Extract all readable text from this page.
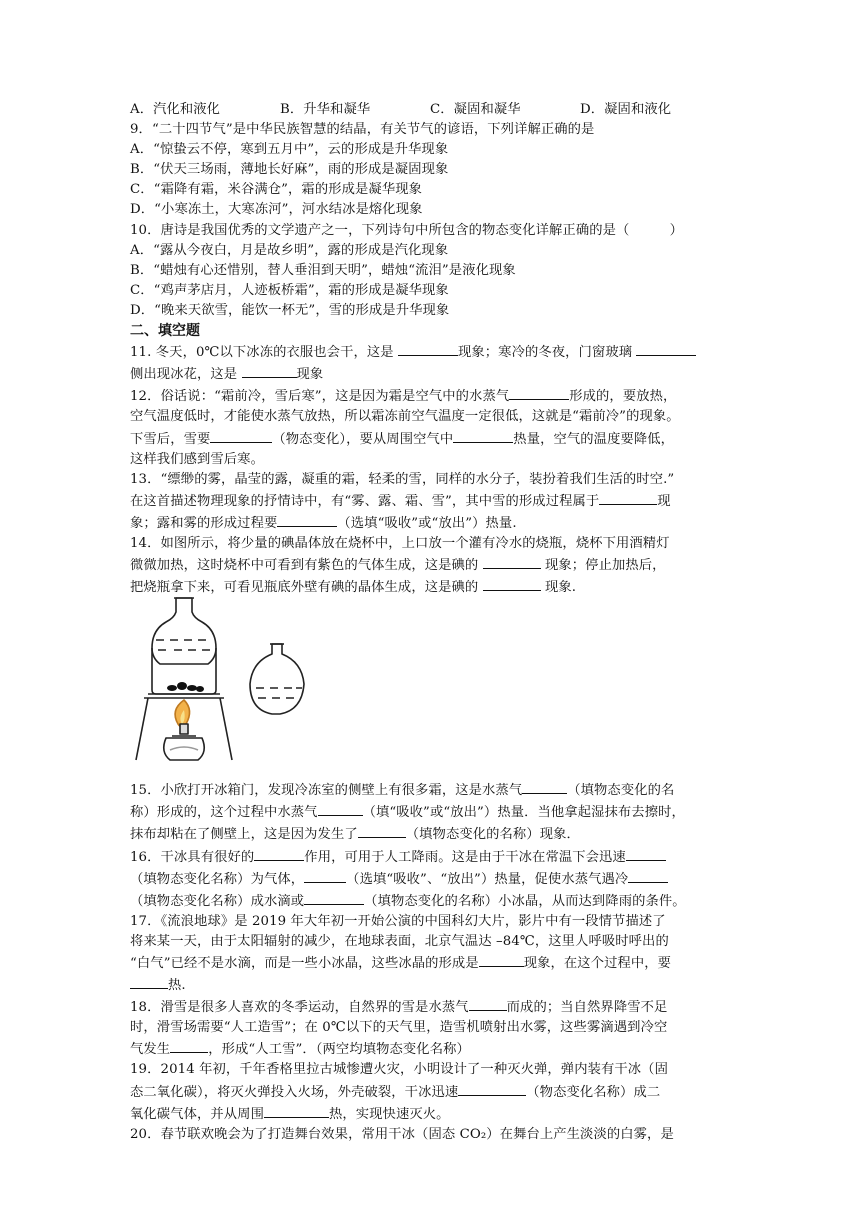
A．汽化和液化	B．升华和凝华	C．凝固和凝华	D．凝固和液化
9．“二十四节气”是中华民族智慧的结晶，有关节气的谚语，下列详解正确的是
A．“惊蛰云不停，寒到五月中”，云的形成是升华现象
B．“伏天三场雨，薄地长好麻”，雨的形成是凝固现象
C．“霜降有霜，米谷满仓”，霜的形成是凝华现象
D．“小寒冻土，大寒冻河”，河水结冰是熔化现象
10．唐诗是我国优秀的文学遗产之一，下列诗句中所包含的物态变化详解正确的是（　　　）
A．“露从今夜白，月是故乡明”，露的形成是汽化现象
B．“蜡烛有心还惜别，替人垂泪到天明”，蜡烛“流泪”是液化现象
C．“鸡声茅店月，人迹板桥霜”，霜的形成是凝华现象
D．“晚来天欲雪，能饮一杯无”，雪的形成是升华现象
二、填空题
11. 冬天，0℃以下冰冻的衣服也会干，这是	现象；寒冷的冬夜，门窗玻璃
侧出现冰花，这是	现象
12．俗话说：“霜前冷，雪后寒”，这是因为霜是空气中的水蒸气	形成的，要放热，
空气温度低时，才能使水蒸气放热，所以霜冻前空气温度一定很低，这就是“霜前冷”的现象。
下雪后，雪要	（物态变化），要从周围空气中	热量，空气的温度要降低，
这样我们感到雪后寒。
13．“缥缈的雾，晶莹的露，凝重的霜，轻柔的雪，同样的水分子，装扮着我们生活的时空.”
在这首描述物理现象的抒情诗中，有“雾、露、霜、雪”，其中雪的形成过程属于	现
象；露和雾的形成过程要	（选填“吸收”或“放出”）热量.
14．如图所示，将少量的碘晶体放在烧杯中，上口放一个灌有冷水的烧瓶，烧杯下用酒精灯
微微加热，这时烧杯中可看到有紫色的气体生成，这是碘的	现象；停止加热后，
把烧瓶拿下来，可看见瓶底外壁有碘的晶体生成，这是碘的	现象.
15．小欣打开冰箱门，发现冷冻室的侧壁上有很多霜，这是水蒸气	（填物态变化的名
称）形成的，这个过程中水蒸气	（填“吸收”或“放出”）热量．当他拿起湿抹布去擦时，
抹布却粘在了侧壁上，这是因为发生了	（填物态变化的名称）现象．
16．干冰具有很好的	作用，可用于人工降雨。这是由于干冰在常温下会迅速
（填物态变化名称）为气体，	（选填“吸收”、“放出”）热量，促使水蒸气遇冷
（填物态变化名称）成水滴或	（填物态变化的名称）小冰晶，从而达到降雨的条件。
17．《流浪地球》是 2019 年大年初一开始公演的中国科幻大片，影片中有一段情节描述了
将来某一天，由于太阳辐射的减少，在地球表面，北京气温达 –84℃，这里人呼吸时呼出的
“白气”已经不是水滴，而是一些小冰晶，这些冰晶的形成是	现象，在这个过程中，要
热.
18．滑雪是很多人喜欢的冬季运动，自然界的雪是水蒸气	而成的；当自然界降雪不足
时，滑雪场需要“人工造雪”；在 0℃以下的天气里，造雪机喷射出水雾，这些雾滴遇到冷空
气发生	，形成“人工雪”．（两空均填物态变化名称）
19．2014 年初，千年香格里拉古城惨遭火灾，小明设计了一种灭火弹，弹内装有干冰（固
态二氧化碳），将灭火弹投入火场，外壳破裂，干冰迅速	（物态变化名称）成二
氧化碳气体，并从周围	热，实现快速灭火。
20．春节联欢晚会为了打造舞台效果，常用干冰（固态 CO₂）在舞台上产生淡淡的白雾，是
